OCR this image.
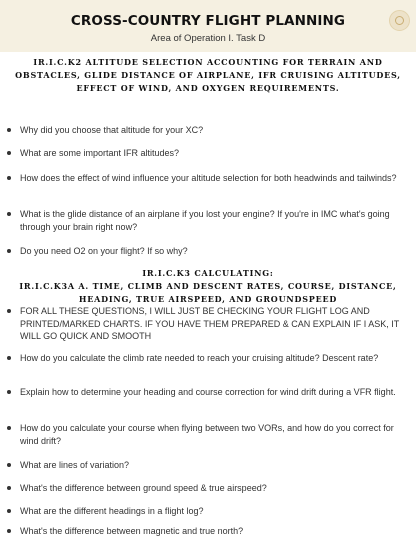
CROSS-COUNTRY FLIGHT PLANNING
Area of Operation I. Task D
IR.I.C.K2 ALTITUDE SELECTION ACCOUNTING FOR TERRAIN AND OBSTACLES, GLIDE DISTANCE OF AIRPLANE, IFR CRUISING ALTITUDES, EFFECT OF WIND, AND OXYGEN REQUIREMENTS.
Why did you choose that altitude for your XC?
What are some important IFR altitudes?
How does the effect of wind influence your altitude selection for both headwinds and tailwinds?
What is the glide distance of an airplane if you lost your engine? If you're in IMC what's going through your brain right now?
Do you need O2 on your flight? If so why?
IR.I.C.K3 CALCULATING:
IR.I.C.K3A A. TIME, CLIMB AND DESCENT RATES, COURSE, DISTANCE, HEADING, TRUE AIRSPEED, AND GROUNDSPEED
FOR ALL THESE QUESTIONS, I WILL JUST BE CHECKING YOUR FLIGHT LOG AND PRINTED/MARKED CHARTS. IF YOU HAVE THEM PREPARED & CAN EXPLAIN IF I ASK, IT WILL GO QUICK AND SMOOTH
How do you calculate the climb rate needed to reach your cruising altitude? Descent rate?
Explain how to determine your heading and course correction for wind drift during a VFR flight.
How do you calculate your course when flying between two VORs, and how do you correct for wind drift?
What are lines of variation?
What's the difference between ground speed & true airspeed?
What are the different headings in a flight log?
What's the difference between magnetic and true north?
